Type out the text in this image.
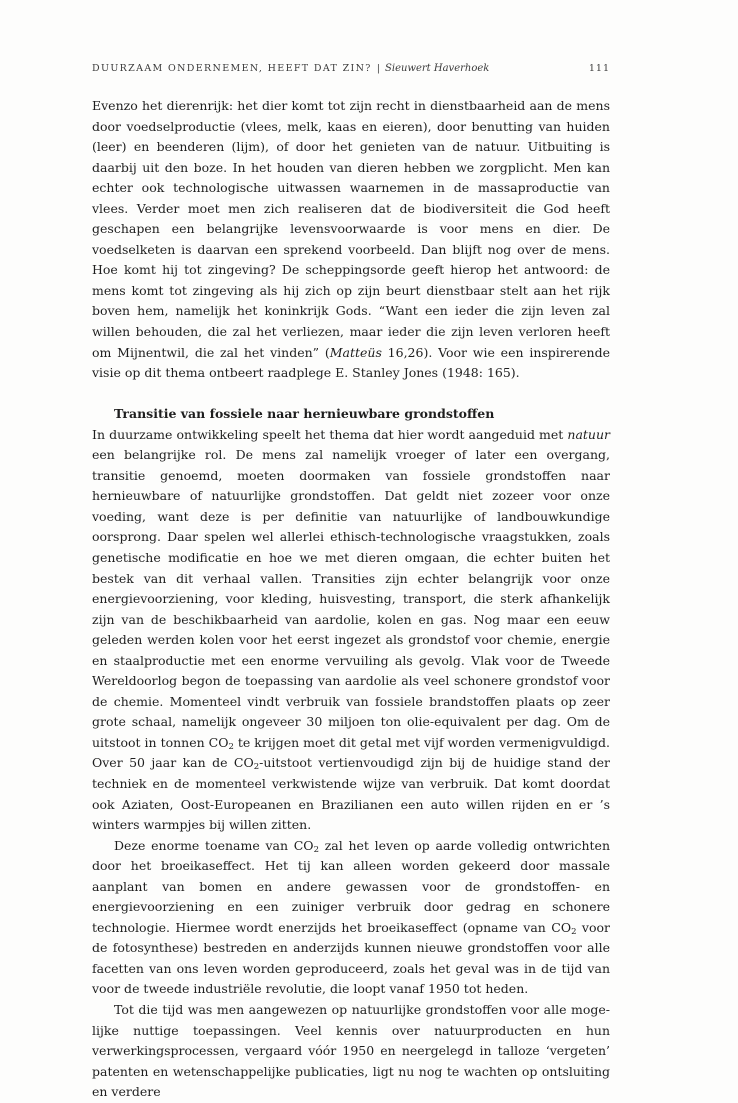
DUURZAAM ONDERNEMEN, HEEFT DAT ZIN? | Sieuwert Haverhoek	111

Evenzo het dierenrijk: het dier komt tot zijn recht in dienstbaarheid aan de mens door voedselproductie (vlees, melk, kaas en eieren), door benutting van huiden (leer) en beenderen (lijm), of door het genieten van de natuur. Uitbuiting is daarbij uit den boze. In het houden van dieren hebben we zorgplicht. Men kan echter ook technologische uitwassen waarnemen in de massaproductie van vlees. Verder moet men zich realiseren dat de biodiversiteit die God heeft geschapen een belangrijke levensvoorwaarde is voor mens en dier. De voedselketen is daarvan een sprekend voorbeeld. Dan blijft nog over de mens. Hoe komt hij tot zingeving? De scheppingsorde geeft hierop het antwoord: de mens komt tot zingeving als hij zich op zijn beurt dienstbaar stelt aan het rijk boven hem, namelijk het koninkrijk Gods. “Want een ieder die zijn leven zal willen behouden, die zal het verliezen, maar ieder die zijn leven verloren heeft om Mijnentwil, die zal het vinden” (Matteüs 16,26). Voor wie een inspirerende visie op dit thema ontbeert raadplege E. Stanley Jones (1948: 165).

Transitie van fossiele naar hernieuwbare grondstoffen

In duurzame ontwikkeling speelt het thema dat hier wordt aangeduid met natuur een belangrijke rol. De mens zal namelijk vroeger of later een overgang, transitie genoemd, moeten doormaken van fossiele grondstoffen naar hernieuwbare of natuurlijke grondstoffen. Dat geldt niet zozeer voor onze voeding, want deze is per definitie van natuurlijke of landbouwkundige oorsprong. Daar spelen wel allerlei ethisch-technologische vraagstukken, zoals genetische modificatie en hoe we met dieren omgaan, die echter buiten het bestek van dit verhaal vallen. Transities zijn echter belangrijk voor onze energievoorziening, voor kleding, huisvesting, transport, die sterk afhankelijk zijn van de beschikbaarheid van aardolie, kolen en gas. Nog maar een eeuw geleden werden kolen voor het eerst ingezet als grondstof voor chemie, energie en staalproductie met een enorme vervuiling als gevolg. Vlak voor de Tweede Wereldoorlog begon de toepassing van aardolie als veel schonere grondstof voor de chemie. Momenteel vindt verbruik van fossiele brandstoffen plaats op zeer grote schaal, namelijk ongeveer 30 miljoen ton olie-equivalent per dag. Om de uitstoot in tonnen $CO_2$ te krijgen moet dit getal met vijf worden vermenigvuldigd. Over 50 jaar kan de $CO_2$-uitstoot vertienvoudigd zijn bij de huidige stand der techniek en de momenteel verkwistende wijze van verbruik. Dat komt doordat ook Aziaten, Oost-Europeanen en Brazilianen een auto willen rijden en er ’s winters warmpjes bij willen zitten.

Deze enorme toename van $CO_2$ zal het leven op aarde volledig ontwrichten door het broeikaseffect. Het tij kan alleen worden gekeerd door massale aanplant van bomen en andere gewassen voor de grondstoffen- en energievoorziening en een zuiniger verbruik door gedrag en schonere technologie. Hiermee wordt enerzijds het broeikaseffect (opname van $CO_2$ voor de fotosynthese) bestreden en anderzijds kunnen nieuwe grondstoffen voor alle facetten van ons leven worden geproduceerd, zoals het geval was in de tijd van voor de tweede industriële revolutie, die loopt vanaf 1950 tot heden.

Tot die tijd was men aangewezen op natuurlijke grondstoffen voor alle mogelijke nuttige toepassingen. Veel kennis over natuurproducten en hun verwerkingsprocessen, vergaard vóór 1950 en neergelegd in talloze ‘vergeten’ patenten en wetenschappelijke publicaties, ligt nu nog te wachten op ontsluiting en verdere
